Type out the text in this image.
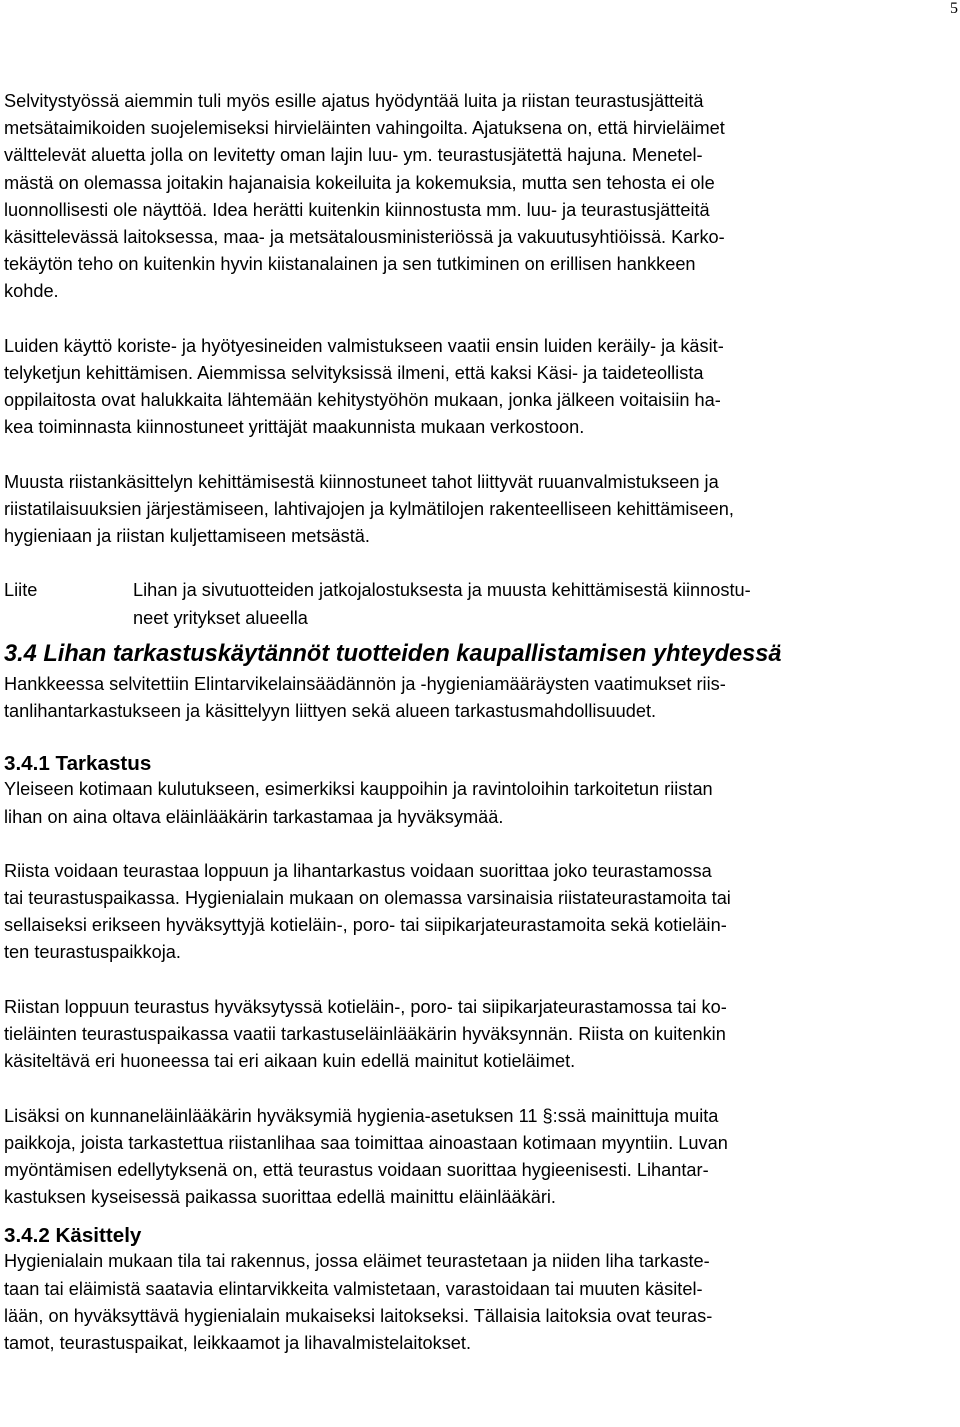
5

Selvitystyössä aiemmin tuli myös esille ajatus hyödyntää luita ja riistan teurastusjätteitä
metsätaimikoiden suojelemiseksi hirvieläinten vahingoilta. Ajatuksena on, että hirvieläimet
välttelevät aluetta jolla on levitetty oman lajin luu- ym. teurastusjätettä hajuna. Menetel-
mästä on olemassa joitakin hajanaisia kokeiluita ja kokemuksia, mutta sen tehosta ei ole
luonnollisesti ole näyttöä. Idea herätti kuitenkin kiinnostusta mm. luu- ja teurastusjätteitä
käsittelevässä laitoksessa, maa- ja metsätalousministeriössä ja vakuutusyhtiöissä. Karko-
tekäytön teho on kuitenkin hyvin kiistanalainen ja sen tutkiminen on erillisen hankkeen
kohde.

Luiden käyttö koriste- ja hyötyesineiden valmistukseen vaatii ensin luiden keräily- ja käsit-
telyketjun kehittämisen. Aiemmissa selvityksissä ilmeni, että kaksi Käsi- ja taideteollista
oppilaitosta ovat halukkaita lähtemään kehitystyöhön mukaan, jonka jälkeen voitaisiin ha-
kea toiminnasta kiinnostuneet yrittäjät maakunnista mukaan verkostoon.

Muusta riistankäsittelyn kehittämisestä kiinnostuneet tahot liittyvät ruuanvalmistukseen ja
riistatilaisuuksien järjestämiseen, lahtivajojen ja kylmätilojen rakenteelliseen kehittämiseen,
hygieniaan ja riistan kuljettamiseen metsästä.

Liite	Lihan ja sivutuotteiden jatkojalostuksesta ja muusta kehittämisestä kiinnostu-
neet yritykset alueella
3.4 Lihan tarkastuskäytännöt tuotteiden kaupallistamisen yhteydessä

Hankkeessa selvitettiin Elintarvikelainsäädännön ja -hygieniamääräysten vaatimukset riis-
tanlihantarkastukseen ja käsittelyyn liittyen sekä alueen tarkastusmahdollisuudet.

3.4.1 Tarkastus

Yleiseen kotimaan kulutukseen, esimerkiksi kauppoihin ja ravintoloihin tarkoitetun riistan
lihan on aina oltava eläinlääkärin tarkastamaa ja hyväksymää.

Riista voidaan teurastaa loppuun ja lihantarkastus voidaan suorittaa joko teurastamossa
tai teurastuspaikassa. Hygienialain mukaan on olemassa varsinaisia riistateurastamoita tai
sellaiseksi erikseen hyväksyttyjä kotieläin-, poro- tai siipikarjateurastamoita sekä kotieläin-
ten teurastuspaikkoja.

Riistan loppuun teurastus hyväksytyssä kotieläin-, poro- tai siipikarjateurastamossa tai ko-
tieläinten teurastuspaikassa vaatii tarkastuseläinlääkärin hyväksynnän. Riista on kuitenkin
käsiteltävä eri huoneessa tai eri aikaan kuin edellä mainitut kotieläimet.

Lisäksi on kunnaneläinlääkärin hyväksymiä hygienia-asetuksen 11 §:ssä mainittuja muita
paikkoja, joista tarkastettua riistanlihaa saa toimittaa ainoastaan kotimaan myyntiin. Luvan
myöntämisen edellytyksenä on, että teurastus voidaan suorittaa hygieenisesti. Lihantar-
kastuksen kyseisessä paikassa suorittaa edellä mainittu eläinlääkäri.

3.4.2 Käsittely

Hygienialain mukaan tila tai rakennus, jossa eläimet teurastetaan ja niiden liha tarkaste-
taan tai eläimistä saatavia elintarvikkeita valmistetaan, varastoidaan tai muuten käsitel-
lään, on hyväksyttävä hygienialain mukaiseksi laitokseksi. Tällaisia laitoksia ovat teuras-
tamot, teurastuspaikat, leikkaamot ja lihavalmistelaitokset.
